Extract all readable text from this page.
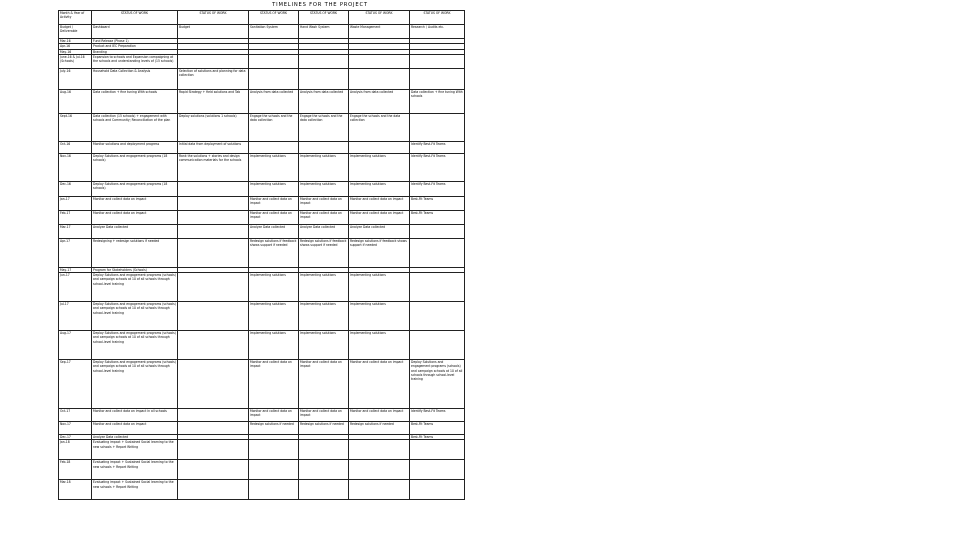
TIMELINES FOR THE PROJECT
Month & Year of Activity	STATUS OF WORK	STATUS OF WORK	STATUS OF WORK	STATUS OF WORK	STATUS OF WORK	STATUS OF WORK
Budget / Deliverable	Dashboard	Budget	Sanitation System	Hand Wash System	Waste Management	Research / Audits etc.
Mar-16	Fund Release (Phase 1)					
Apr-16	Product and IEC Preparation					
May-16	Branding					
June-16 & Jul-16 (Schools)	Expansion to schools and Expansion campaigning at the schools and understanding levels of (15 schools)					
July-16	Household Data Collection & Analysis	Selection of solutions and planning for data collection				
Aug-16	Data collection + fine tuning With schools	Rapid Strategy + field solutions and Tab	Analysis from data collected	Analysis from data collected	Analysis from data collected	Data collection + fine tuning With schools
Sept-16	Data collection (15 schools) + engagement with schools and Community; Reconciliation of the plan	Deploy solutions (solutions 1 schools)	Engage the schools and the data collection	Engage the schools and the data collection	Engage the schools and the data collection	
Oct-16	Monitor solutions and deployment progress	Initial data from deployment of solutions				Identify Best-Fit Teams
Nov-16	Deploy Solutions and engagement programs (18 schools)	Rank the solutions + stories and design communication materials for the schools	Implementing solutions	Implementing solutions	Implementing solutions	Identify Best-Fit Teams
Dec-16	Deploy Solutions and engagement programs (18 schools)		Implementing solutions	Implementing solutions	Implementing solutions	Identify Best-Fit Teams
Jan-17	Monitor and collect data on impact		Monitor and collect data on impact	Monitor and collect data on impact	Monitor and collect data on impact	Best-Fit Teams
Feb-17	Monitor and collect data on impact		Monitor and collect data on impact	Monitor and collect data on impact	Monitor and collect data on impact	Best-Fit Teams
Mar-17	Analyze Data collected		Analyze Data collected	Analyze Data collected	Analyze Data collected	
Apr-17	Redesigning + redesign solutions if needed		Redesign solutions if feedback shows support if needed	Redesign solutions if feedback shows support if needed	Redesign solutions if feedback shows support if needed	
May-17	Program for Stakeholders (Schools)					
Jun-17	Deploy Solutions and engagement programs (schools) and campaign schools at 10 of all schools through school-level training		Implementing solutions	Implementing solutions	Implementing solutions	
Jul-17	Deploy Solutions and engagement programs (schools) and campaign schools at 10 of all schools through school-level training		Implementing solutions	Implementing solutions	Implementing solutions	
Aug-17	Deploy Solutions and engagement programs (schools) and campaign schools at 10 of all schools through school-level training		Implementing solutions	Implementing solutions	Implementing solutions	
Sep-17	Deploy Solutions and engagement programs (schools) and campaign schools at 10 of all schools through school-level training		Monitor and collect data on impact	Monitor and collect data on impact	Monitor and collect data on impact	Deploy Solutions and engagement programs (schools) and campaign schools at 10 of all schools through school-level training
Oct-17	Monitor and collect data on impact in all schools		Monitor and collect data on impact	Monitor and collect data on impact	Monitor and collect data on impact	Identify Best-Fit Teams
Nov-17	Monitor and collect data on impact		Redesign solutions if needed	Redesign solutions if needed	Redesign solutions if needed	Best-Fit Teams
Dec-17	Analyze Data collected					Best-Fit Teams
Jan-18	Evaluating impact + Sustained Social learning to the new schools + Report Writing					
Feb-18	Evaluating impact + Sustained Social learning to the new schools + Report Writing					
Mar-18	Evaluating impact + Sustained Social learning to the new schools + Report Writing					
